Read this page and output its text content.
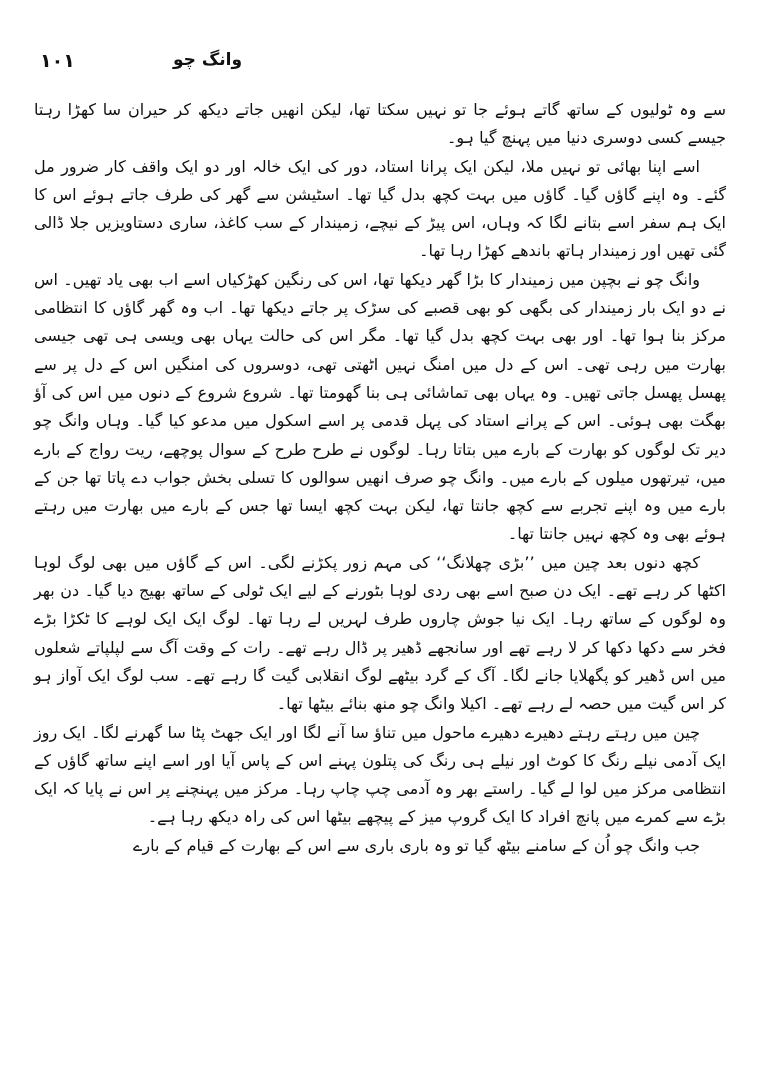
۱۰۱	وانگ چو

سے وہ ٹولیوں کے ساتھ گاتے ہوئے جا تو نہیں سکتا تھا، لیکن انھیں جاتے دیکھ کر حیران سا کھڑا رہتا جیسے کسی دوسری دنیا میں پہنچ گیا ہو۔

اسے اپنا بھائی تو نہیں ملا، لیکن ایک پرانا استاد، دور کی ایک خالہ اور دو ایک واقف کار ضرور مل گئے۔ وہ اپنے گاؤں گیا۔ گاؤں میں بہت کچھ بدل گیا تھا۔ اسٹیشن سے گھر کی طرف جاتے ہوئے اس کا ایک ہم سفر اسے بتانے لگا کہ وہاں، اس پیڑ کے نیچے، زمیندار کے سب کاغذ، ساری دستاویزیں جلا ڈالی گئی تھیں اور زمیندار ہاتھ باندھے کھڑا رہا تھا۔

وانگ چو نے بچپن میں زمیندار کا بڑا گھر دیکھا تھا، اس کی رنگین کھڑکیاں اسے اب بھی یاد تھیں۔ اس نے دو ایک بار زمیندار کی بگھی کو بھی قصبے کی سڑک پر جاتے دیکھا تھا۔ اب وہ گھر گاؤں کا انتظامی مرکز بنا ہوا تھا۔ اور بھی بہت کچھ بدل گیا تھا۔ مگر اس کی حالت یہاں بھی ویسی ہی تھی جیسی بھارت میں رہی تھی۔ اس کے دل میں امنگ نہیں اٹھتی تھی، دوسروں کی امنگیں اس کے دل پر سے پھسل پھسل جاتی تھیں۔ وہ یہاں بھی تماشائی ہی بنا گھومتا تھا۔ شروع شروع کے دنوں میں اس کی آؤ بھگت بھی ہوئی۔ اس کے پرانے استاد کی پہل قدمی پر اسے اسکول میں مدعو کیا گیا۔ وہاں وانگ چو دیر تک لوگوں کو بھارت کے بارے میں بتاتا رہا۔ لوگوں نے طرح طرح کے سوال پوچھے، ریت رواج کے بارے میں، تیرتھوں میلوں کے بارے میں۔ وانگ چو صرف انھیں سوالوں کا تسلی بخش جواب دے پاتا تھا جن کے بارے میں وہ اپنے تجربے سے کچھ جانتا تھا، لیکن بہت کچھ ایسا تھا جس کے بارے میں بھارت میں رہتے ہوئے بھی وہ کچھ نہیں جانتا تھا۔

کچھ دنوں بعد چین میں ’’بڑی چھلانگ‘‘ کی مہم زور پکڑنے لگی۔ اس کے گاؤں میں بھی لوگ لوہا اکٹھا کر رہے تھے۔ ایک دن صبح اسے بھی ردی لوہا بٹورنے کے لیے ایک ٹولی کے ساتھ بھیج دیا گیا۔ دن بھر وہ لوگوں کے ساتھ رہا۔ ایک نیا جوش چاروں طرف لہریں لے رہا تھا۔ لوگ ایک ایک لوہے کا ٹکڑا بڑے فخر سے دکھا دکھا کر لا رہے تھے اور سانجھے ڈھیر پر ڈال رہے تھے۔ رات کے وقت آگ سے لپلپاتے شعلوں میں اس ڈھیر کو پگھلایا جانے لگا۔ آگ کے گرد بیٹھے لوگ انقلابی گیت گا رہے تھے۔ سب لوگ ایک آواز ہو کر اس گیت میں حصہ لے رہے تھے۔ اکیلا وانگ چو منھ بنائے بیٹھا تھا۔

چین میں رہتے رہتے دھیرے دھیرے ماحول میں تناؤ سا آنے لگا اور ایک جھٹ پٹا سا گھرنے لگا۔ ایک روز ایک آدمی نیلے رنگ کا کوٹ اور نیلے ہی رنگ کی پتلون پہنے اس کے پاس آیا اور اسے اپنے ساتھ گاؤں کے انتظامی مرکز میں لوا لے گیا۔ راستے بھر وہ آدمی چپ چاپ رہا۔ مرکز میں پہنچنے پر اس نے پایا کہ ایک بڑے سے کمرے میں پانچ افراد کا ایک گروپ میز کے پیچھے بیٹھا اس کی راہ دیکھ رہا ہے۔

جب وانگ چو اُن کے سامنے بیٹھ گیا تو وہ باری باری سے اس کے بھارت کے قیام کے بارے
